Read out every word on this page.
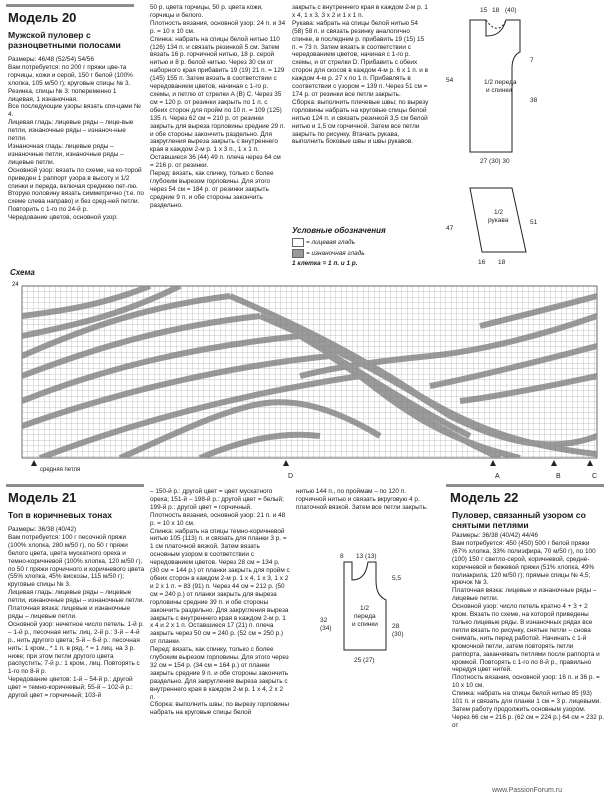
Модель 20
Мужской пуловер с разноцветными полосами
Размеры: 46/48 (52/54) 54/56
Вам потребуется: по 200 г пряжи цве-та горчицы, кожи и серой, 150 г белой (100% хлопка, 105 м/50 г); круговые спицы № 3.
Резинка, спицы № 3: попеременно 1 лицевая, 1 изнаночная.
Все последующие узоры вязать спи-цами № 4.
Лицевая гладь: лицевые ряды – лице-вые петли, изнаночные ряды – изнаноч-ные петли.
Изнаночная гладь: лицевые ряды – изнаночные петли, изнаночные ряды – лицевые петли.
Основной узор: вязать по схеме, на ко-торой приведен 1 раппорт узора в высоту и 1/2 спинки и переда, включая среднюю пет-лю. Вторую половину вязать симметрично (т.е. по схеме слева направо) и без сред-ней петли. Повторить с 1-го по 24-й р.
Чередование цветов, основной узор:
50 р. цвета горчицы, 50 р. цвета кожи, горчицы и белого.
Плотность вязания, основной узор: 24 п. и 34 р. = 10 х 10 см.
Спинка: набрать на спицы белой нитью 110 (126) 134 п. и связать резинкой 5 см. Затем вязать 16 р. горчичной нитью, 18 р. серой нитью и 8 р. белой нитью. Через 30 см от наборного края прибавить 19 (19) 21 п. = 129 (145) 155 п. Затем вязать в соответствии с чередованием цветов, начиная с 1-го р. схемы, и петлю от стрелки A (B) C. Через 35 см = 120 р. от резинки закрыть по 1 п. с обеих сторон для пройм по 10 п. = 109 (125) 135 п. Через 62 см = 210 р. от резинки закрыть для выреза горловины средние 29 п. и обе стороны закончить раздельно. Для закругления выреза закрыть с внутреннего края в каждом 2-м р. 1 х 3 п., 1 х 1 п. Оставшиеся 36 (44) 49 п. плеча через 64 см = 216 р. от резинки.
Перед: вязать, как спинку, только с более глубоким вырезом горловины. Для этого через 54 см = 184 р. от резинки закрыть средние 9 п. и обе стороны закончить раздельно.
закрыть с внутреннего края в каждом 2-м р. 1 х 4, 1 х 3, 3 х 2 и 1 х 1 п.
Рукава: набрать на спицы белой нитью 54 (58) 58 п. и связать резинку аналогично спинке, в последнем р. прибавить 19 (15) 15 п. = 73 п. Затем вязать в соответствии с чередованием цветов, начиная с 1-го р. схемы, и от стрелки D. Прибавить с обеих сторон для скосов в каждом 4-м р. 6 х 1 п. и в каждом 4-м р. 27 х по 1 п. Прибавлять в соответствии с узором = 139 п. Через 51 см = 174 р. от резинки все петли закрыть.
Сборка: выполнить плечевые швы; по вырезу горловины набрать на круговые спицы белой нитью 124 п. и связать резинкой 3,5 см белой нитью и 1,5 см горчичной. Затем все петли закрыть по рисунку. Втачать рукава, выполнить боковые швы и швы рукавов.
Условные обозначения
= лицевая гладь
= изнаночная гладь
1 клетка = 1 п. и 1 р.
15 18 (40)
54
7
38
27 (30) 30
47
51
16 18
1/2 переда и спинки
1/2 рукава
Схема
24
D	A	B	C
средняя петля
Модель 21
Топ в коричневых тонах
Размеры: 36/38 (40/42)
Вам потребуется: 100 г песочной пряжи (100% хлопка, 280 м/50 г), по 50 г пряжи белого цвета, цвета мускатного ореха и темно-коричневой (100% хлопка, 120 м/50 г), по 50 г пряжи горчичного и коричневого цвета (55% хлопка, 45% вискозы, 115 м/50 г); круговые спицы № 3.
Лицевая гладь: лицевые ряды – лицевые петли, изнаночные ряды – изнаночные петли.
Платочная вязка: лицевые и изнаночные ряды – лицевые петли.
Основной узор: нечетное число петель. 1-й р. – 1-й р., песочная нить: лиц. 2-й р.: 3-й – 4-й р., нить другого цвета; 5-й – 6-й р.: песочная нить: 1 кром., * 1 п. в ряд. * = 1 лиц. на 3 р. ниже; при этом петли другого цвета распустить; 7-й р.: 1 кром., лиц. Повторять с 1-го по 8-й р.
Чередование цветов: 1-й – 54-й р.: другой цвет = темно-коричневый; 55-й – 102-й р.: другой цвет = горчичный; 103-й
– 150-й р.: другой цвет = цвет мускатного ореха; 151-й – 198-й р.: другой цвет = белый; 199-й р.: другой цвет = горчичный.
Плотность вязания, основной узор: 21 п. и 48 р. = 10 х 10 см.
Спинка: набрать на спицы темно-коричневой нитью 105 (113) п. и связать для планки 3 р. = 1 см платочной вязкой. Затем вязать основным узором в соответствии с чередованием цветов. Через 28 см = 134 р. (30 см = 144 р.) от планки закрыть для пройм с обеих сторон в каждом 2-м р. 1 х 4, 1 х 3, 1 х 2 и 2 х 1 п. = 83 (91) п. Через 44 см = 212 р. (50 см = 240 р.) от планки закрыть для выреза горловины средние 39 п. и обе стороны закончить раздельно. Для закругления выреза закрыть с внутреннего края в каждом 2-м р. 1 х 4 и 2 х 1 п. Оставшиеся 17 (21) п. плеча закрыть через 50 см = 240 р. (52 см = 250 р.) от планки.
Перед: вязать, как спинку, только с более глубоким вырезом горловины. Для этого через 32 см = 154 р. (34 см = 164 р.) от планки закрыть средние 9 п. и обе стороны закончить раздельно. Для закругления выреза закрыть с внутреннего края в каждом 2-м р. 1 х 4, 2 х 2 п.
Сборка: выполнить швы; по вырезу горловины набрать на круговые спицы белой
нитью 144 п., по проймам – по 120 п. горчичной нитью и связать вкруговую 4 р. платочной вязкой. Затем все петли закрыть.
8 13 (13)
32
(34)	28
(30)
25 (27)
5,5
1/2 переда и спинки
Модель 22
Пуловер, связанный узором со снятыми петлями
Размеры: 36/38 (40/42) 44/46
Вам потребуется: 450 (450) 500 г белой пряжи (67% хлопка, 33% полиэфира, 70 м/50 г), по 100 (100) 150 г светло-серой, коричневой, средне-коричневой и бежевой пряжи (51% хлопка, 49% полиакрила, 120 м/50 г); прямые спицы № 4,5; крючок № 3.
Платочная вязка: лицевые и изнаночные ряды – лицевые петли.
Основной узор: число петель кратно 4 + 3 + 2 кром. Вязать по схеме, на которой приведены только лицевые ряды. В изнаночных рядах все петли вязать по рисунку, снятые петли – снова снимать, нить перед работой. Начинать с 1-й кромочной петли, затем повторять петли раппорта, заканчивать петлями после раппорта и кромкой. Повторять с 1-го по 8-й р., правильно чередуя цвет нитей.
Плотность вязания, основной узор: 16 п. и 36 р. = 10 х 10 см.
Спинка: набрать на спицы белой нитью 85 (93) 101 п. и связать для планки 1 см = 3 р. лицевыми. Затем работу продолжить основным узором. Через 66 см = 216 р. (62 см = 224 р.) 64 см = 232 р. от
www.PassionForum.ru
